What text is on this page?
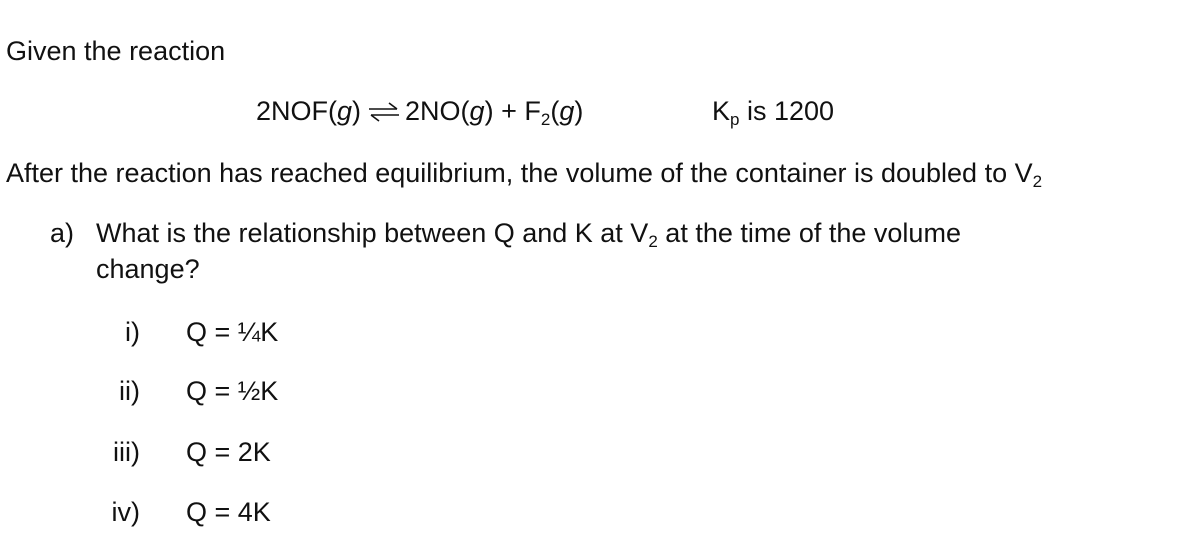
Given the reaction
2NOF(g) ⇌ $2NO(g) + F_2(g)$	$K_p$ is 1200
After the reaction has reached equilibrium, the volume of the container is doubled to $V_2$
a) What is the relationship between Q and K at $V_2$ at the time of the volume
change?
i) Q = ¼K
ii) Q = ½K
iii) Q = 2K
iv) Q = 4K
